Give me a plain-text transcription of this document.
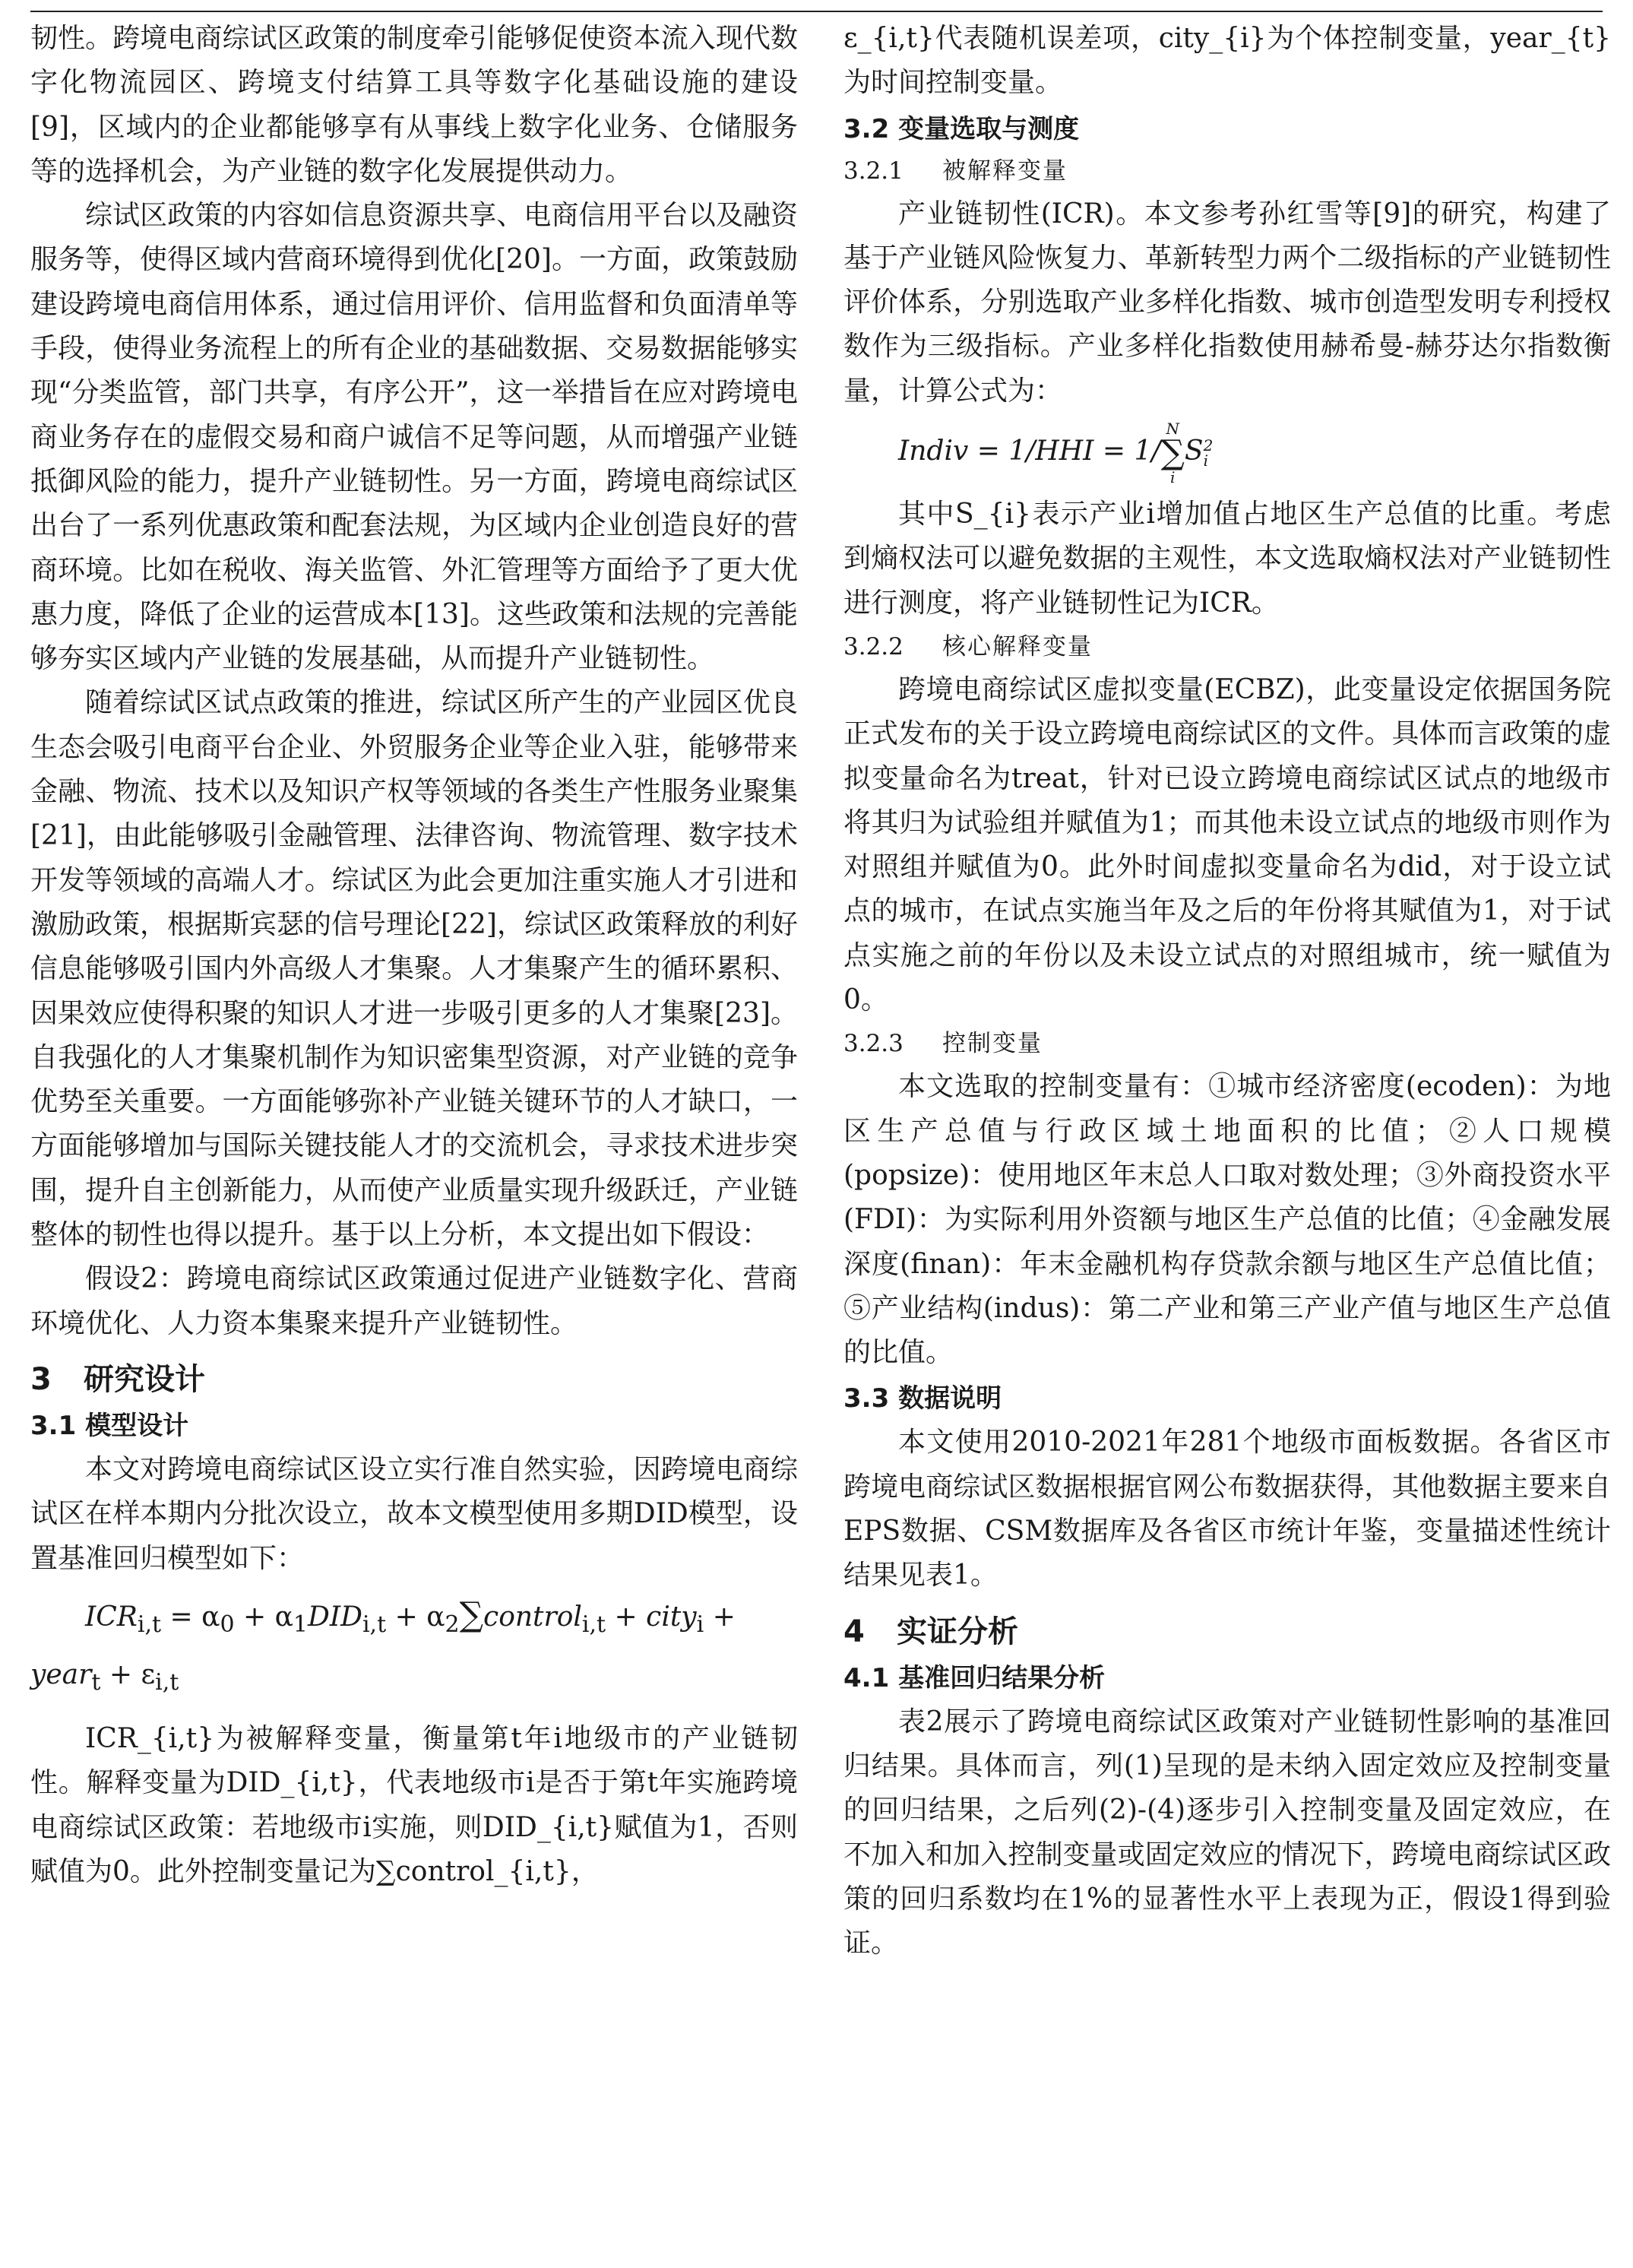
韧性。跨境电商综试区政策的制度牵引能够促使资本流入现代数字化物流园区、跨境支付结算工具等数字化基础设施的建设[9]，区域内的企业都能够享有从事线上数字化业务、仓储服务等的选择机会，为产业链的数字化发展提供动力。

综试区政策的内容如信息资源共享、电商信用平台以及融资服务等，使得区域内营商环境得到优化[20]。一方面，政策鼓励建设跨境电商信用体系，通过信用评价、信用监督和负面清单等手段，使得业务流程上的所有企业的基础数据、交易数据能够实现“分类监管，部门共享，有序公开”，这一举措旨在应对跨境电商业务存在的虚假交易和商户诚信不足等问题，从而增强产业链抵御风险的能力，提升产业链韧性。另一方面，跨境电商综试区出台了一系列优惠政策和配套法规，为区域内企业创造良好的营商环境。比如在税收、海关监管、外汇管理等方面给予了更大优惠力度，降低了企业的运营成本[13]。这些政策和法规的完善能够夯实区域内产业链的发展基础，从而提升产业链韧性。

随着综试区试点政策的推进，综试区所产生的产业园区优良生态会吸引电商平台企业、外贸服务企业等企业入驻，能够带来金融、物流、技术以及知识产权等领域的各类生产性服务业聚集[21]，由此能够吸引金融管理、法律咨询、物流管理、数字技术开发等领域的高端人才。综试区为此会更加注重实施人才引进和激励政策，根据斯宾瑟的信号理论[22]，综试区政策释放的利好信息能够吸引国内外高级人才集聚。人才集聚产生的循环累积、因果效应使得积聚的知识人才进一步吸引更多的人才集聚[23]。自我强化的人才集聚机制作为知识密集型资源，对产业链的竞争优势至关重要。一方面能够弥补产业链关键环节的人才缺口，一方面能够增加与国际关键技能人才的交流机会，寻求技术进步突围，提升自主创新能力，从而使产业质量实现升级跃迁，产业链整体的韧性也得以提升。基于以上分析，本文提出如下假设：

假设2：跨境电商综试区政策通过促进产业链数字化、营商环境优化、人力资本集聚来提升产业链韧性。

3 研究设计
3.1 模型设计

本文对跨境电商综试区设立实行准自然实验，因跨境电商综试区在样本期内分批次设立，故本文模型使用多期DID模型，设置基准回归模型如下：

$ICR_{i,t} = \alpha_0 + \alpha_1DID_{i,t}$ + $\alpha_2\sum control_{i,t}$ + city$_i$ +
year$_t$ + $\varepsilon_{i,t}$

ICR_{i,t}为被解释变量，衡量第t年i地级市的产业链韧性。解释变量为DID_{i,t}，代表地级市i是否于第t年实施跨境电商综试区政策：若地级市i实施，则DID_{i,t}赋值为1，否则赋值为0。此外控制变量记为∑control_{i,t}，

ε_{i,t}代表随机误差项，city_{i}为个体控制变量，year_{t}为时间控制变量。

3.2 变量选取与测度
3.2.1 被解释变量

产业链韧性(ICR)。本文参考孙红雪等[9]的研究，构建了基于产业链风险恢复力、革新转型力两个二级指标的产业链韧性评价体系，分别选取产业多样化指数、城市创造型发明专利授权数作为三级指标。产业多样化指数使用赫希曼-赫芬达尔指数衡量，计算公式为：

Indiv = 1/HHI = 1/
N
∑
i
S 2
i

其中S_{i}表示产业i增加值占地区生产总值的比重。考虑到熵权法可以避免数据的主观性，本文选取熵权法对产业链韧性进行测度，将产业链韧性记为ICR。

3.2.2 核心解释变量

跨境电商综试区虚拟变量(ECBZ)，此变量设定依据国务院正式发布的关于设立跨境电商综试区的文件。具体而言政策的虚拟变量命名为treat，针对已设立跨境电商综试区试点的地级市将其归为试验组并赋值为1；而其他未设立试点的地级市则作为对照组并赋值为0。此外时间虚拟变量命名为did，对于设立试点的城市，在试点实施当年及之后的年份将其赋值为1，对于试点实施之前的年份以及未设立试点的对照组城市，统一赋值为0。

3.2.3 控制变量

本文选取的控制变量有：①城市经济密度(ecoden)：为地区生产总值与行政区域土地面积的比值；②人口规模(popsize)：使用地区年末总人口取对数处理；③外商投资水平(FDI)：为实际利用外资额与地区生产总值的比值；④金融发展深度(finan)：年末金融机构存贷款余额与地区生产总值比值；⑤产业结构(indus)：第二产业和第三产业产值与地区生产总值的比值。

3.3 数据说明

本文使用2010-2021年281个地级市面板数据。各省区市跨境电商综试区数据根据官网公布数据获得，其他数据主要来自EPS数据、CSM数据库及各省区市统计年鉴，变量描述性统计结果见表1。

4 实证分析
4.1 基准回归结果分析

表2展示了跨境电商综试区政策对产业链韧性影响的基准回归结果。具体而言，列(1)呈现的是未纳入固定效应及控制变量的回归结果，之后列(2)-(4)逐步引入控制变量及固定效应，在不加入和加入控制变量或固定效应的情况下，跨境电商综试区政策的回归系数均在1%的显著性水平上表现为正，假设1得到验证。
